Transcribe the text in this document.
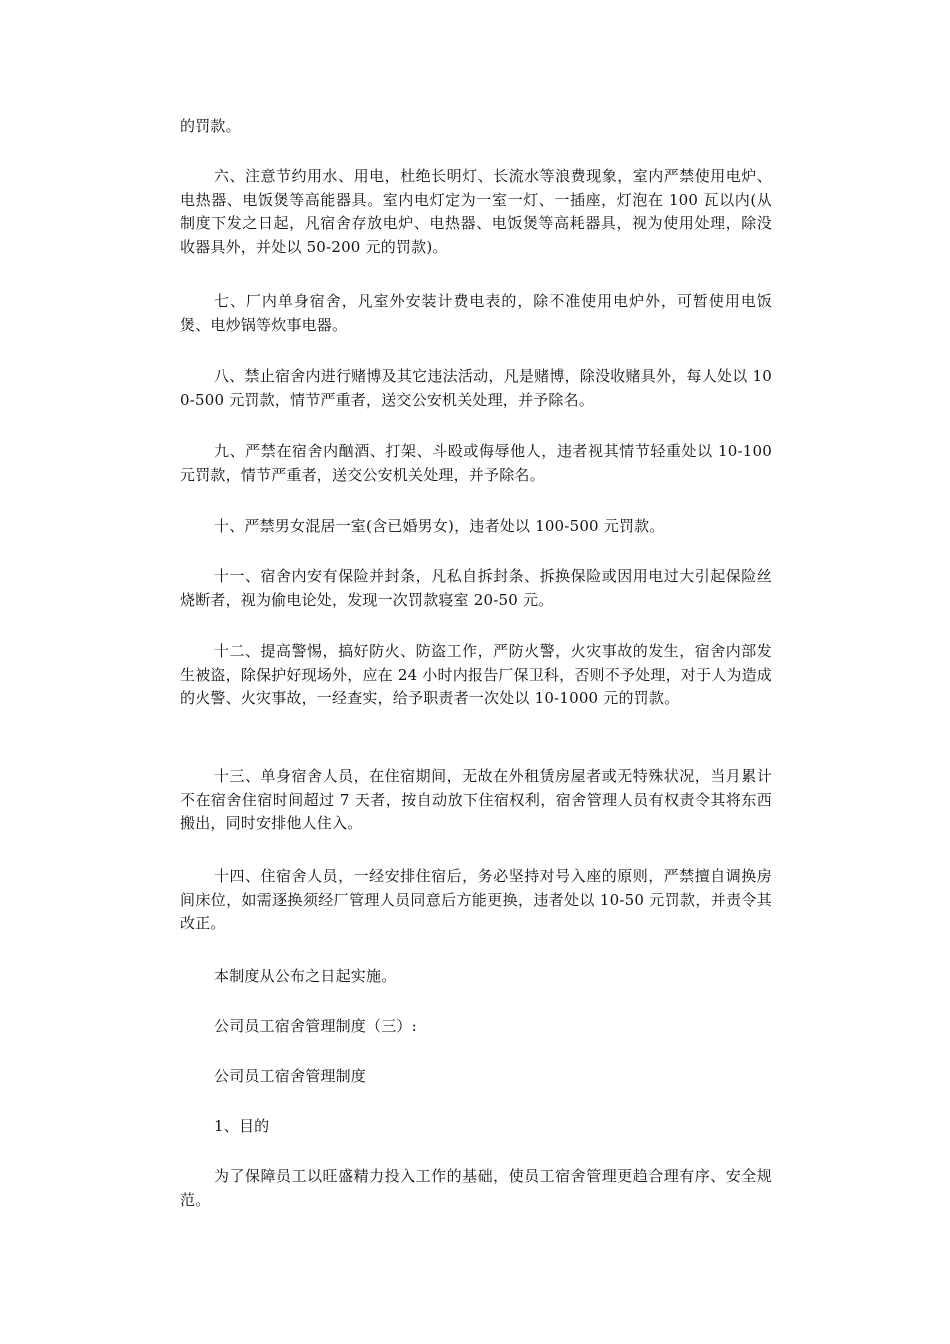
的罚款。

六、注意节约用水、用电，杜绝长明灯、长流水等浪费现象，室内严禁使用电炉、电热器、电饭煲等高能器具。室内电灯定为一室一灯、一插座，灯泡在 100 瓦以内(从制度下发之日起，凡宿舍存放电炉、电热器、电饭煲等高耗器具，视为使用处理，除没收器具外，并处以 50-200 元的罚款)。

七、厂内单身宿舍，凡室外安装计费电表的，除不准使用电炉外，可暂使用电饭煲、电炒锅等炊事电器。

八、禁止宿舍内进行赌博及其它违法活动，凡是赌博，除没收赌具外，每人处以 100-500 元罚款，情节严重者，送交公安机关处理，并予除名。

九、严禁在宿舍内酗酒、打架、斗殴或侮辱他人，违者视其情节轻重处以 10-100 元罚款，情节严重者，送交公安机关处理，并予除名。

十、严禁男女混居一室(含已婚男女)，违者处以 100-500 元罚款。

十一、宿舍内安有保险并封条，凡私自拆封条、拆换保险或因用电过大引起保险丝烧断者，视为偷电论处，发现一次罚款寝室 20-50 元。

十二、提高警惕，搞好防火、防盗工作，严防火警，火灾事故的发生，宿舍内部发生被盗，除保护好现场外，应在 24 小时内报告厂保卫科，否则不予处理，对于人为造成的火警、火灾事故，一经查实，给予职责者一次处以 10-1000 元的罚款。

十三、单身宿舍人员，在住宿期间，无故在外租赁房屋者或无特殊状况，当月累计不在宿舍住宿时间超过 7 天者，按自动放下住宿权利，宿舍管理人员有权责令其将东西搬出，同时安排他人住入。

十四、住宿舍人员，一经安排住宿后，务必坚持对号入座的原则，严禁擅自调换房间床位，如需逐换须经厂管理人员同意后方能更换，违者处以 10-50 元罚款，并责令其改正。

本制度从公布之日起实施。

公司员工宿舍管理制度（三）:

公司员工宿舍管理制度

1、目的

为了保障员工以旺盛精力投入工作的基础，使员工宿舍管理更趋合理有序、安全规范。
